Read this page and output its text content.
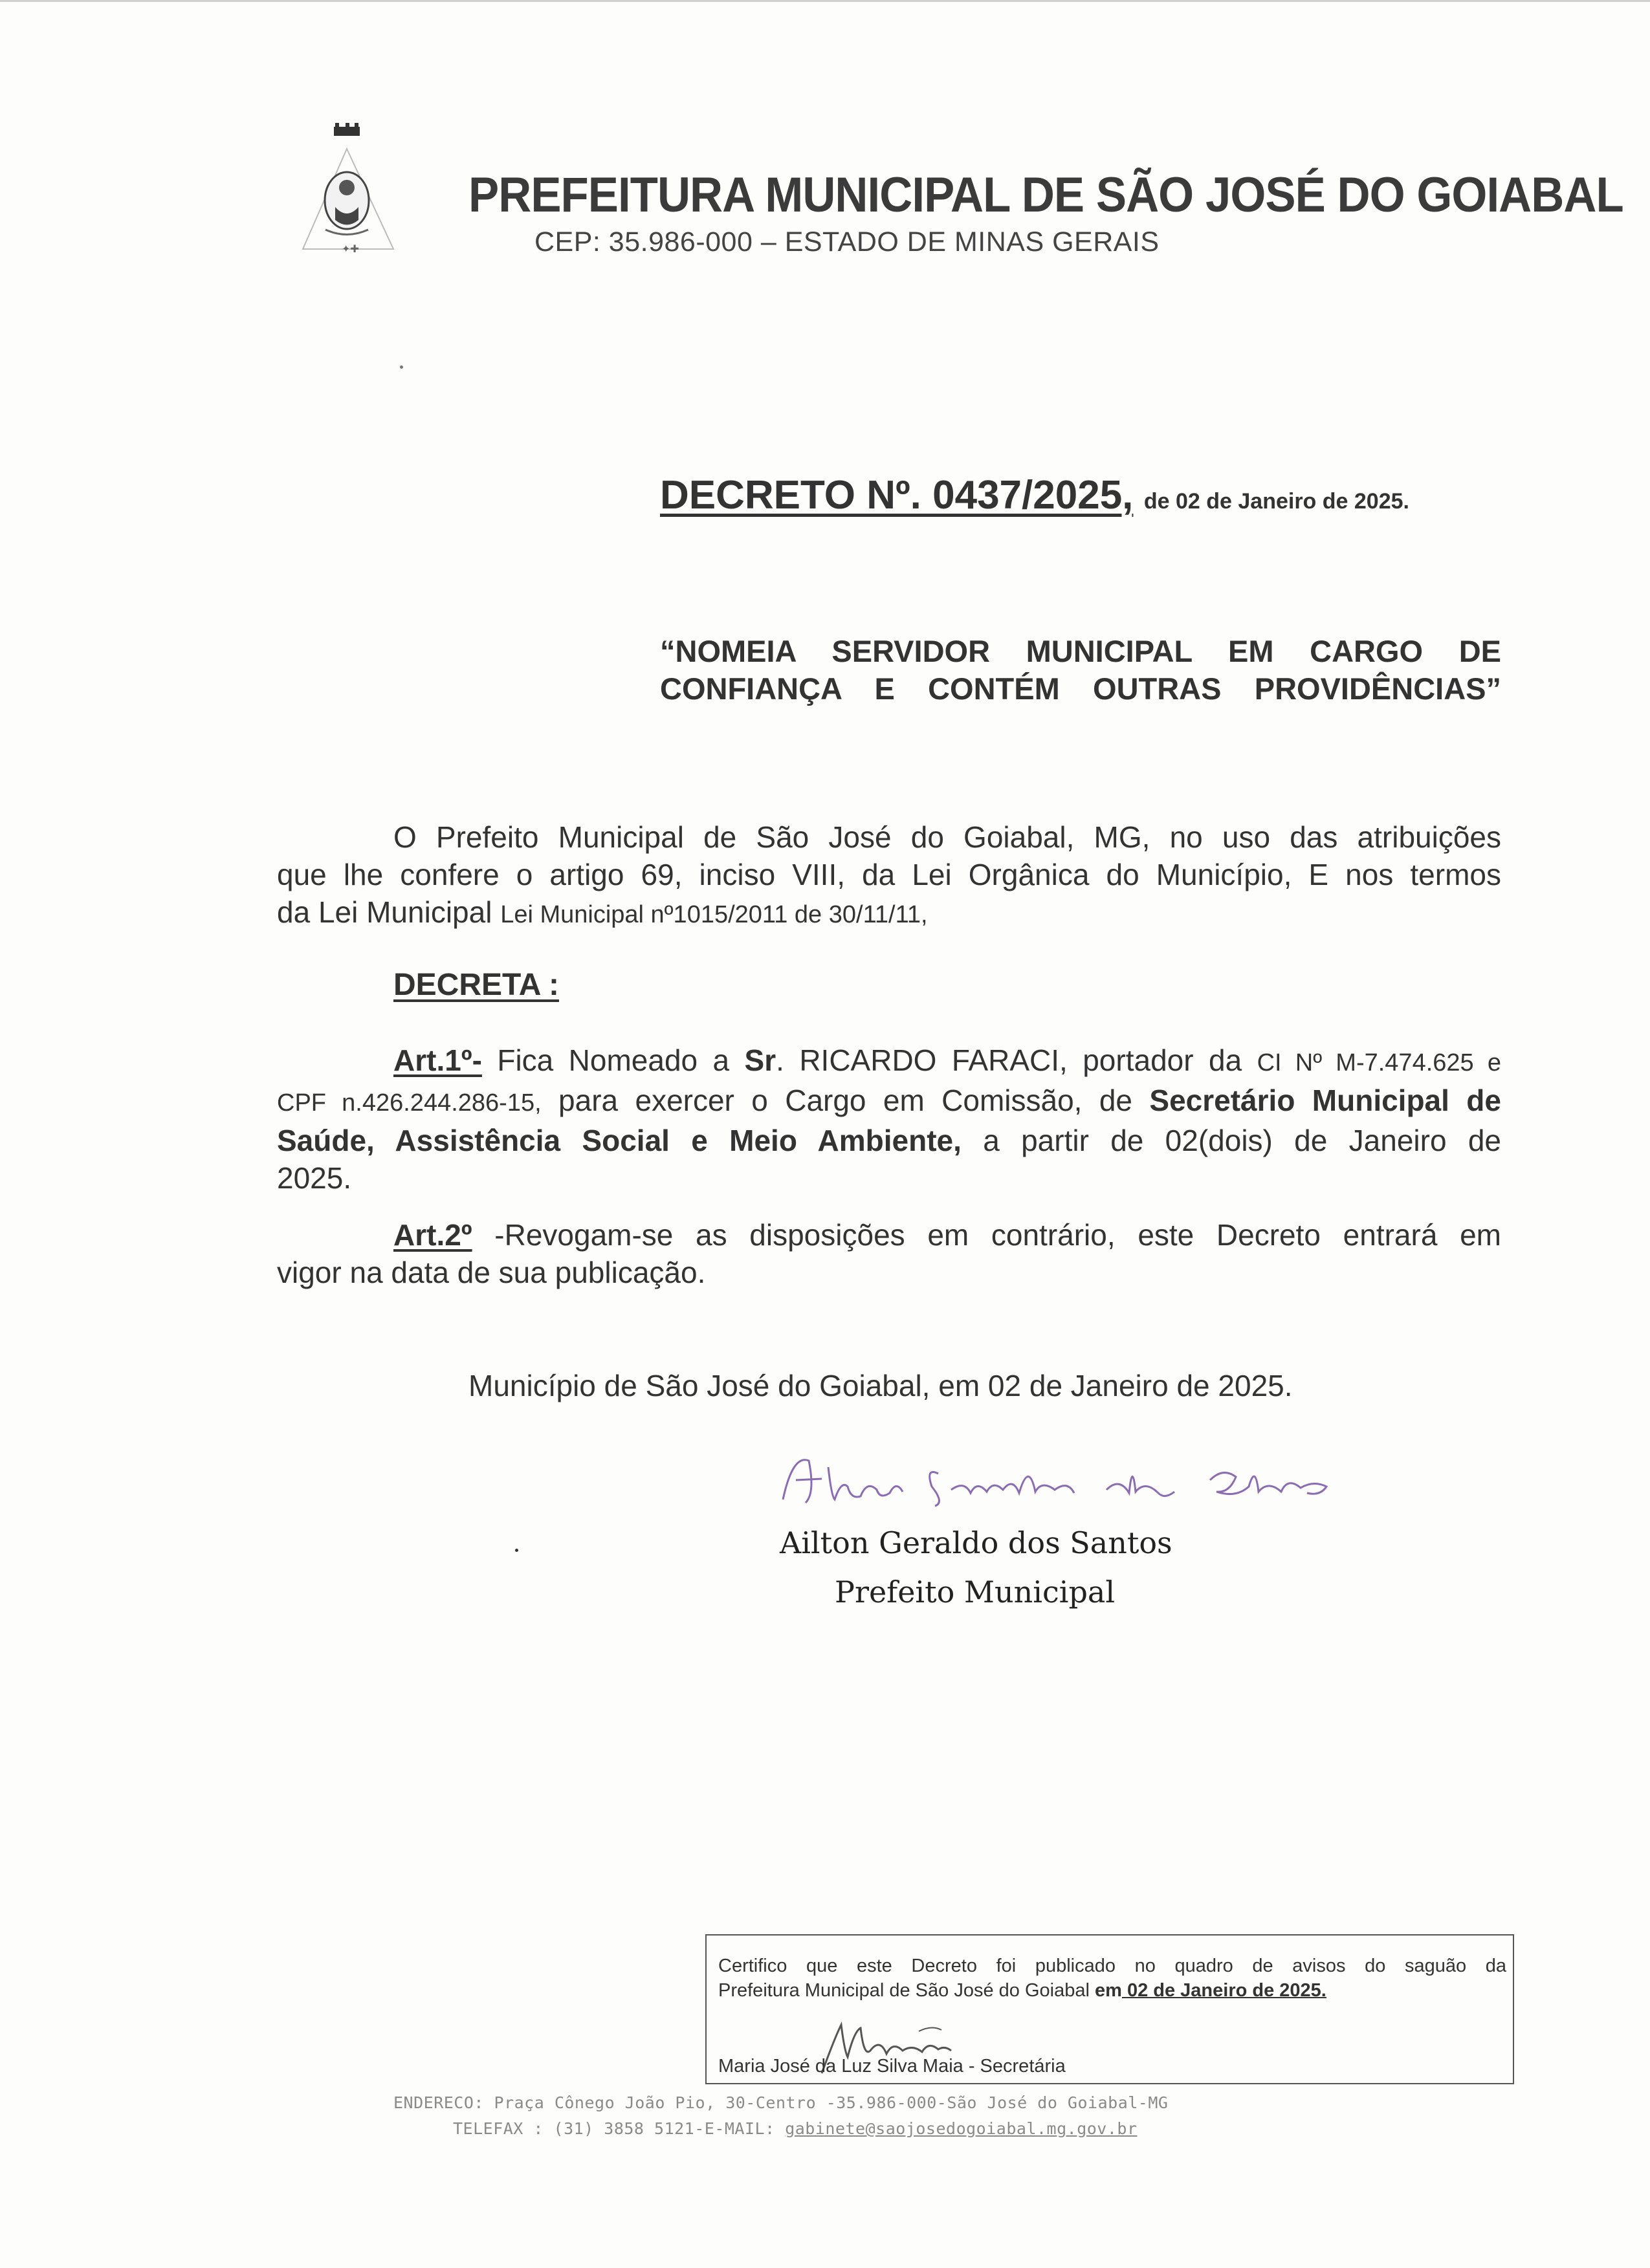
✦✚
PREFEITURA MUNICIPAL DE SÃO JOSÉ DO GOIABAL
CEP: 35.986-000 – ESTADO DE MINAS GERAIS
DECRETO Nº. 0437/2025, de 02 de Janeiro de 2025.
“NOMEIA SERVIDOR MUNICIPAL EM CARGO DE
CONFIANÇA E CONTÉM OUTRAS PROVIDÊNCIAS”
O Prefeito Municipal de São José do Goiabal, MG, no uso das atribuições
que lhe confere o artigo 69, inciso VIII, da Lei Orgânica do Município, E nos termos
da Lei Municipal Lei Municipal nº1015/2011 de 30/11/11,
DECRETA :
Art.1º- Fica Nomeado a Sr. RICARDO FARACI, portador da CI Nº M-7.474.625 e
CPF n.426.244.286-15, para exercer o Cargo em Comissão, de Secretário Municipal de
Saúde, Assistência Social e Meio Ambiente, a partir de 02(dois) de Janeiro de
2025.
Art.2º -Revogam-se as disposições em contrário, este Decreto entrará em
vigor na data de sua publicação.
Município de São José do Goiabal, em 02 de Janeiro de 2025.
Ailton Geraldo dos Santos
Prefeito Municipal
Certifico que este Decreto foi publicado no quadro de avisos do saguão da
Prefeitura Municipal de São José do Goiabal em 02 de Janeiro de 2025.
Maria José da Luz Silva Maia - Secretária
ENDERECO: Praça Cônego João Pio, 30-Centro -35.986-000-São José do Goiabal-MG
TELEFAX : (31) 3858 5121-E-MAIL: gabinete@saojosedogoiabal.mg.gov.br
